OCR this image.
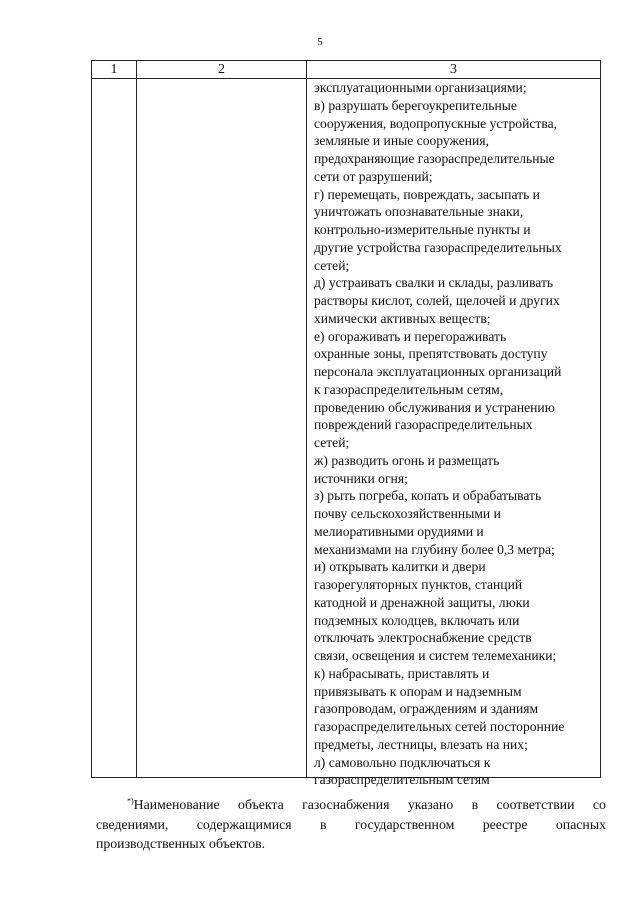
5
1	2	3
эксплуатационными организациями;
в) разрушать берегоукрепительные
сооружения, водопропускные устройства,
земляные и иные сооружения,
предохраняющие газораспределительные
сети от разрушений;
г) перемещать, повреждать, засыпать и
уничтожать опознавательные знаки,
контрольно-измерительные пункты и
другие устройства газораспределительных
сетей;
д) устраивать свалки и склады, разливать
растворы кислот, солей, щелочей и других
химически активных веществ;
е) огораживать и перегораживать
охранные зоны, препятствовать доступу
персонала эксплуатационных организаций
к газораспределительным сетям,
проведению обслуживания и устранению
повреждений газораспределительных
сетей;
ж) разводить огонь и размещать
источники огня;
з) рыть погреба, копать и обрабатывать
почву сельскохозяйственными и
мелиоративными орудиями и
механизмами на глубину более 0,3 метра;
и) открывать калитки и двери
газорегуляторных пунктов, станций
катодной и дренажной защиты, люки
подземных колодцев, включать или
отключать электроснабжение средств
связи, освещения и систем телемеханики;
к) набрасывать, приставлять и
привязывать к опорам и надземным
газопроводам, ограждениям и зданиям
газораспределительных сетей посторонние
предметы, лестницы, влезать на них;
л) самовольно подключаться к
газораспределительным сетям
*)Наименование объекта газоснабжения указано в соответствии со
сведениями, содержащимися в государственном реестре опасных
производственных объектов.
